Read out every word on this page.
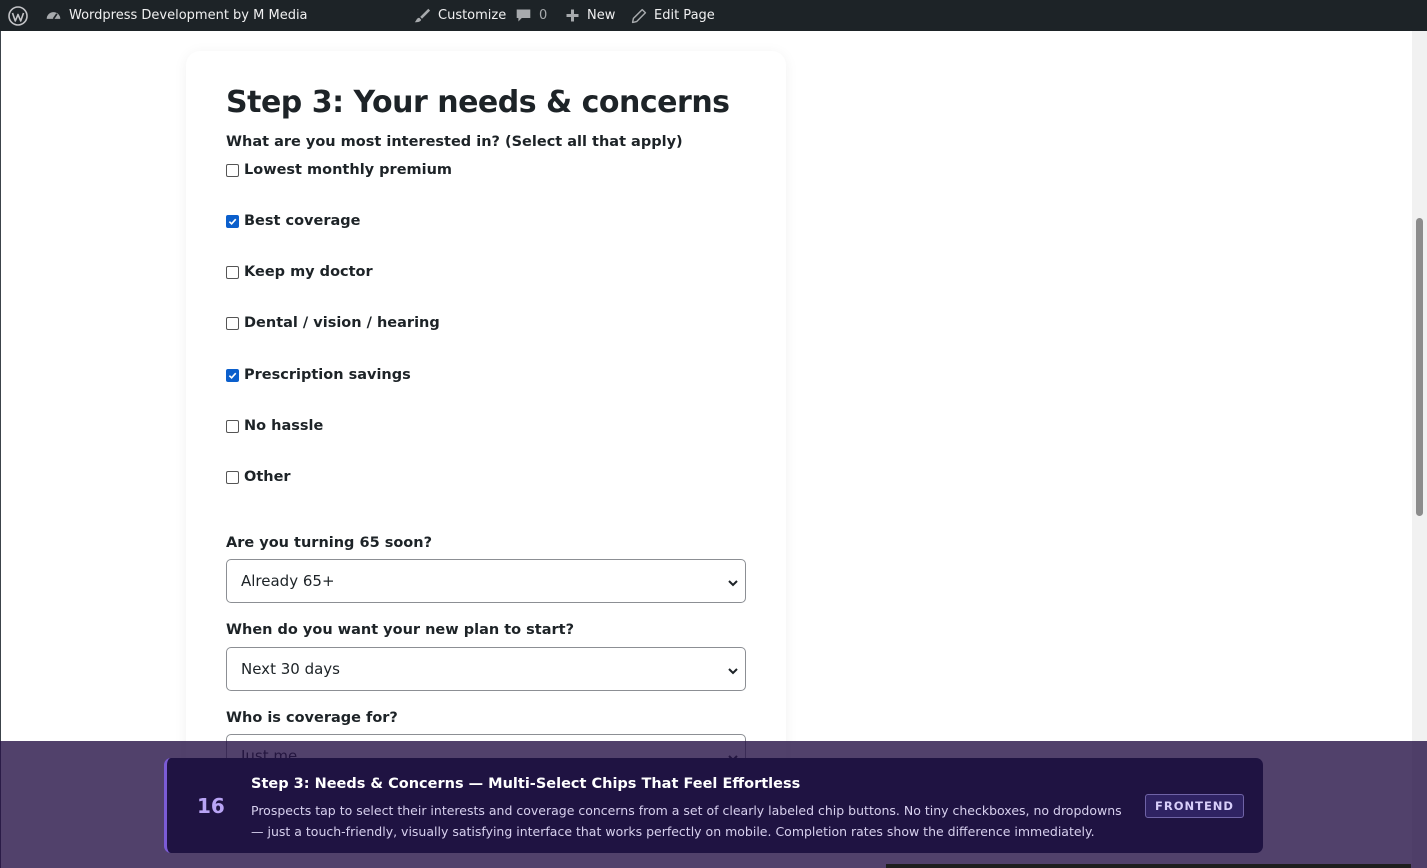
Wordpress Development by M Media	Customize	0	New	Edit Page
Step 3: Your needs & concerns
What are you most interested in? (Select all that apply)
Lowest monthly premium
Best coverage
Keep my doctor
Dental / vision / hearing
Prescription savings
No hassle
Other
Are you turning 65 soon?
Already 65+
When do you want your new plan to start?
Next 30 days
Who is coverage for?
16
Step 3: Needs & Concerns — Multi-Select Chips That Feel Effortless
Prospects tap to select their interests and coverage concerns from a set of clearly labeled chip buttons. No tiny checkboxes, no dropdowns — just a touch-friendly, visually satisfying interface that works perfectly on mobile. Completion rates show the difference immediately.
FRONTEND
